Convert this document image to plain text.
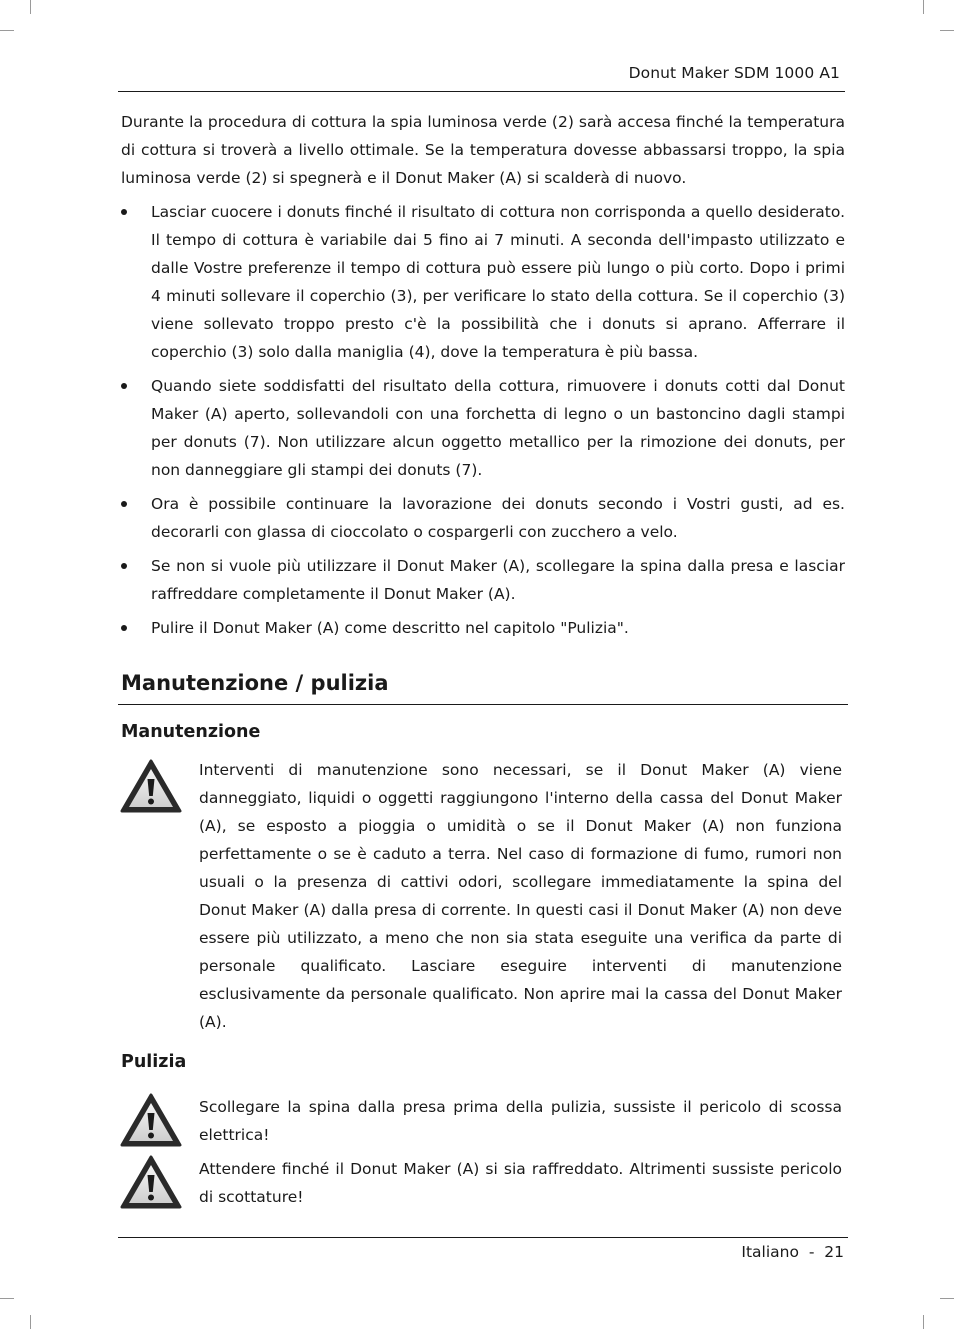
Donut Maker SDM 1000 A1

Durante la procedura di cottura la spia luminosa verde (2) sarà accesa finché la temperatura di cottura si troverà a livello ottimale. Se la temperatura dovesse abbassarsi troppo, la spia luminosa verde (2) si spegnerà e il Donut Maker (A) si scalderà di nuovo.

Lasciar cuocere i donuts finché il risultato di cottura non corrisponda a quello desiderato. Il tempo di cottura è variabile dai 5 fino ai 7 minuti. A seconda dell'impasto utilizzato e dalle Vostre preferenze il tempo di cottura può essere più lungo o più corto. Dopo i primi 4 minuti sollevare il coperchio (3), per verificare lo stato della cottura. Se il coperchio (3) viene sollevato troppo presto c'è la possibilità che i donuts si aprano. Afferrare il coperchio (3) solo dalla maniglia (4), dove la temperatura è più bassa.
Quando siete soddisfatti del risultato della cottura, rimuovere i donuts cotti dal Donut Maker (A) aperto, sollevandoli con una forchetta di legno o un bastoncino dagli stampi per donuts (7). Non utilizzare alcun oggetto metallico per la rimozione dei donuts, per non danneggiare gli stampi dei donuts (7).
Ora è possibile continuare la lavorazione dei donuts secondo i Vostri gusti, ad es. decorarli con glassa di cioccolato o cospargerli con zucchero a velo.
Se non si vuole più utilizzare il Donut Maker (A), scollegare la spina dalla presa e lasciar raffreddare completamente il Donut Maker (A).
Pulire il Donut Maker (A) come descritto nel capitolo "Pulizia".
Manutenzione / pulizia
Manutenzione

Interventi di manutenzione sono necessari, se il Donut Maker (A) viene danneggiato, liquidi o oggetti raggiungono l'interno della cassa del Donut Maker (A), se esposto a pioggia o umidità o se il Donut Maker (A) non funziona perfettamente o se è caduto a terra. Nel caso di formazione di fumo, rumori non usuali o la presenza di cattivi odori, scollegare immediatamente la spina del Donut Maker (A) dalla presa di corrente. In questi casi il Donut Maker (A) non deve essere più utilizzato, a meno che non sia stata eseguite una verifica da parte di personale qualificato. Lasciare eseguire interventi di manutenzione esclusivamente da personale qualificato. Non aprire mai la cassa del Donut Maker (A).

Pulizia

Scollegare la spina dalla presa prima della pulizia, sussiste il pericolo di scossa elettrica!

Attendere finché il Donut Maker (A) si sia raffreddato. Altrimenti sussiste pericolo di scottature!

Italiano  -  21
